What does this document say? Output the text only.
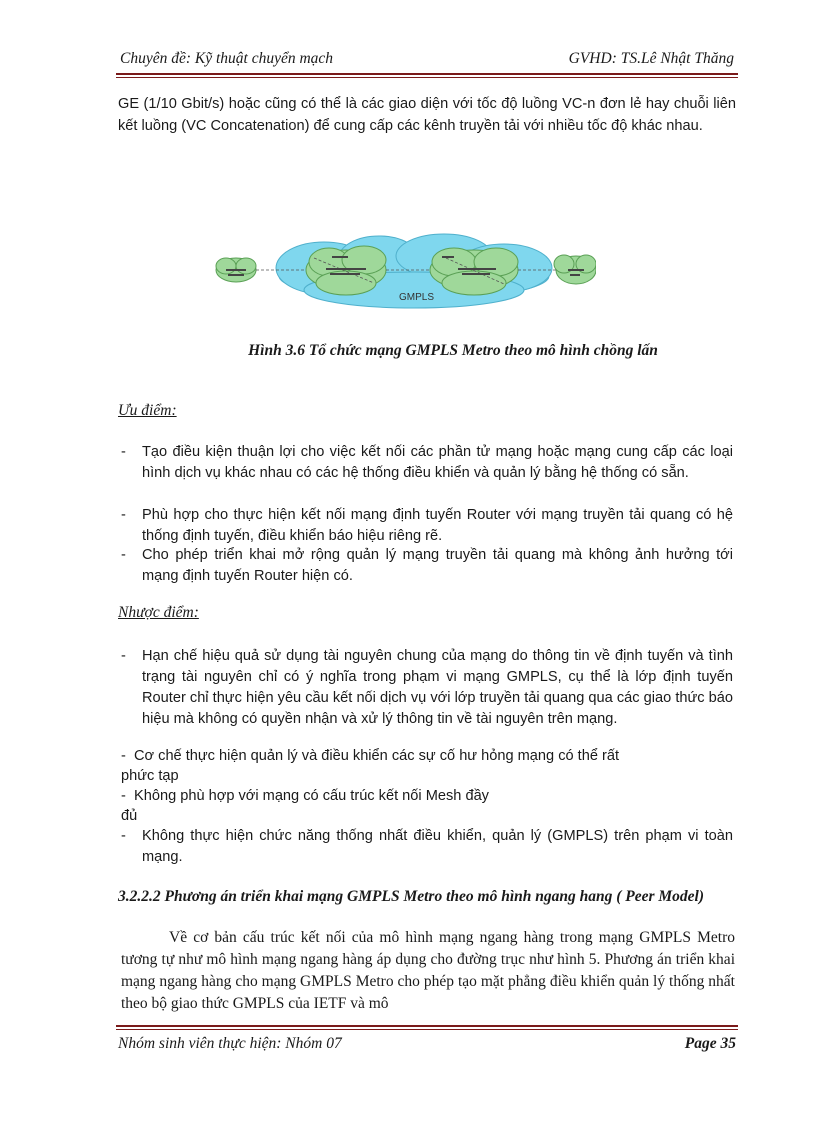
Chuyên đề: Kỹ thuật chuyển mạch	GVHD: TS.Lê Nhật Thăng
GE (1/10 Gbit/s) hoặc cũng có thể là các giao diện với tốc độ luồng VC-n đơn lẻ hay chuỗi liên kết luồng (VC Concatenation) để cung cấp các kênh truyền tải với nhiều tốc độ khác nhau.
GMPLS
Hình 3.6 Tổ chức mạng GMPLS Metro theo mô hình chồng lấn
Ưu điểm:
-	Tạo điều kiện thuận lợi cho việc kết nối các phần tử mạng hoặc mạng cung cấp các loại hình dịch vụ khác nhau có các hệ thống điều khiển và quản lý bằng hệ thống có sẵn.
-	Phù hợp cho thực hiện kết nối mạng định tuyến Router với mạng truyền tải quang có hệ thống định tuyến, điều khiển báo hiệu riêng rẽ.
-	Cho phép triển khai mở rộng quản lý mạng truyền tải quang mà không ảnh hưởng tới mạng định tuyến Router hiện có.
Nhược điểm:
-	Hạn chế hiệu quả sử dụng tài nguyên chung của mạng do thông tin về định tuyến và tình trạng tài nguyên chỉ có ý nghĩa trong phạm vi mạng GMPLS, cụ thể là lớp định tuyến Router chỉ thực hiện yêu cầu kết nối dịch vụ với lớp truyền tải quang qua các giao thức báo hiệu mà không có quyền nhận và xử lý thông tin về tài nguyên trên mạng.
-  Cơ chế thực hiện quản lý và điều khiển các sự cố hư hỏng mạng có thể rất
phức tạp
-  Không phù hợp với mạng có cấu trúc kết nối Mesh đầy
đủ
-	Không thực hiện chức năng thống nhất điều khiển, quản lý (GMPLS) trên phạm vi toàn mạng.
3.2.2.2 Phương án triển khai mạng GMPLS Metro theo mô hình ngang hang ( Peer Model)
Về cơ bản cấu trúc kết nối của mô hình mạng ngang hàng trong mạng GMPLS Metro tương tự như mô hình mạng ngang hàng áp dụng cho đường trục như hình 5. Phương án triển khai mạng ngang hàng cho mạng GMPLS Metro cho phép tạo mặt phẳng điều khiển quản lý thống nhất theo bộ giao thức GMPLS của IETF và mô
Nhóm sinh viên thực hiện: Nhóm 07	Page 35
